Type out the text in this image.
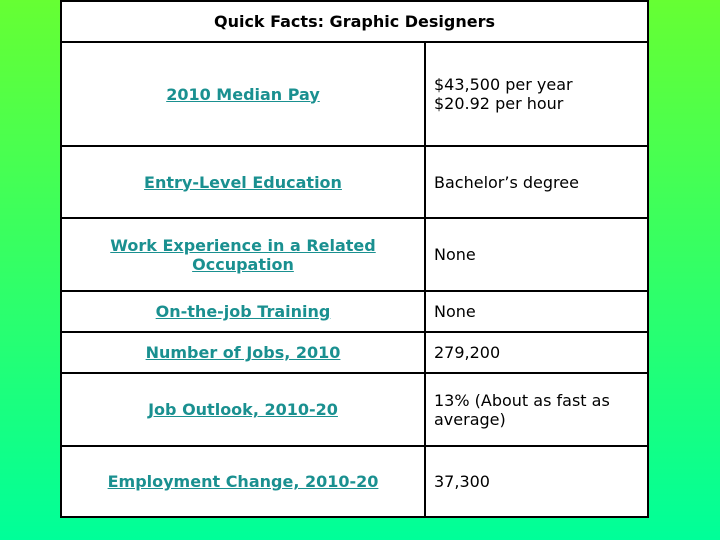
Quick Facts: Graphic Designers	
2010 Median Pay	$43,500 per year
$20.92 per hour

Entry-Level Education	Bachelor’s degree
Work Experience in a Related Occupation	None
On-the-job Training	None
Number of Jobs, 2010	279,200
Job Outlook, 2010-20	13% (About as fast as average)
Employment Change, 2010-20	37,300
